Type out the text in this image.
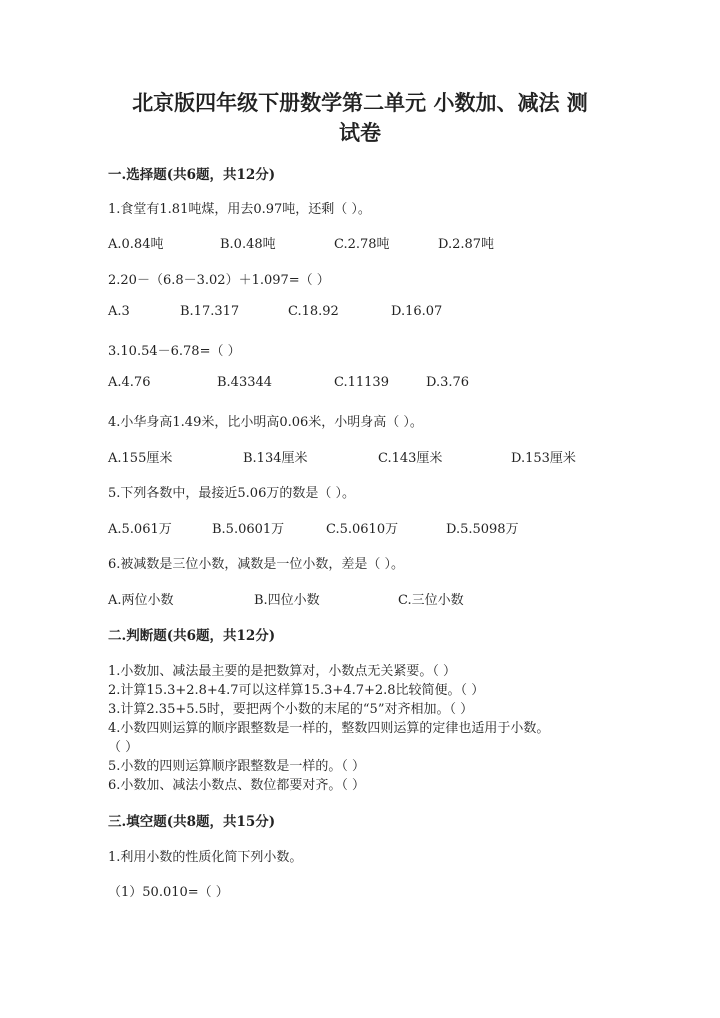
北京版四年级下册数学第二单元 小数加、减法 测
试卷
一.选择题(共6题，共12分)
1.食堂有1.81吨煤，用去0.97吨，还剩（ ）。
A.0.84吨	B.0.48吨	C.2.78吨	D.2.87吨
2.20－（6.8－3.02）＋1.097=（ ）
A.3	B.17.317	C.18.92	D.16.07
3.10.54－6.78=（ ）
A.4.76	B.43344	C.11139	D.3.76
4.小华身高1.49米，比小明高0.06米，小明身高（ ）。
A.155厘米	B.134厘米	C.143厘米	D.153厘米
5.下列各数中，最接近5.06万的数是（ ）。
A.5.061万	B.5.0601万	C.5.0610万	D.5.5098万
6.被减数是三位小数，减数是一位小数，差是（ ）。
A.两位小数	B.四位小数	C.三位小数
二.判断题(共6题，共12分)
1.小数加、减法最主要的是把数算对，小数点无关紧要。（ ）
2.计算15.3+2.8+4.7可以这样算15.3+4.7+2.8比较简便。（ ）
3.计算2.35+5.5时，要把两个小数的末尾的“5”对齐相加。（ ）
4.小数四则运算的顺序跟整数是一样的，整数四则运算的定律也适用于小数。
（ ）
5.小数的四则运算顺序跟整数是一样的。（ ）
6.小数加、减法小数点、数位都要对齐。（ ）
三.填空题(共8题，共15分)
1.利用小数的性质化简下列小数。
（1）50.010=（ ）
